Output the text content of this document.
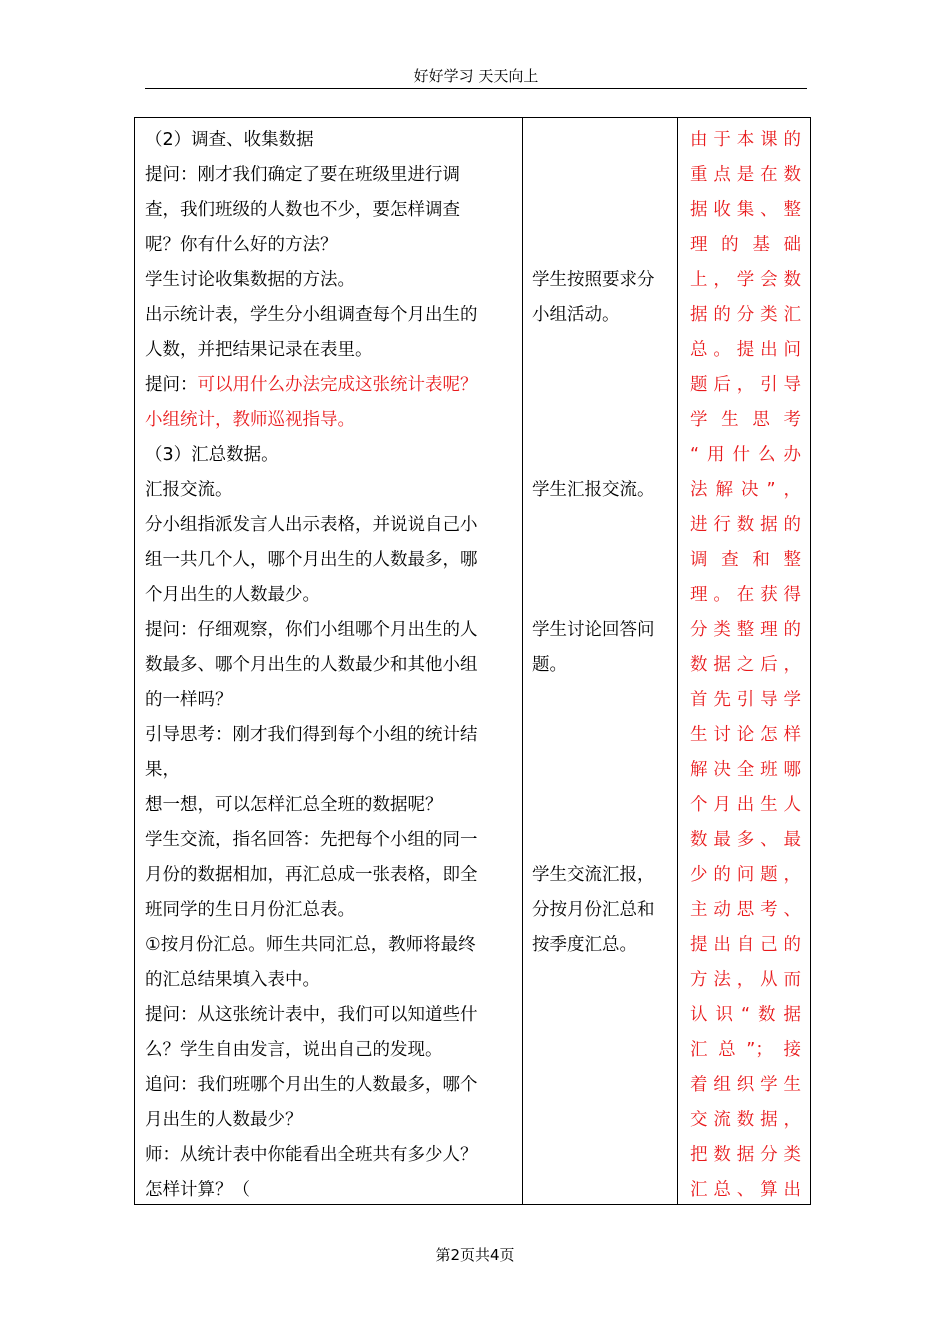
好好学习 天天向上
（2）调查、收集数据
提问：刚才我们确定了要在班级里进行调
查，我们班级的人数也不少，要怎样调查
呢？你有什么好的方法？
学生讨论收集数据的方法。
出示统计表，学生分小组调查每个月出生的
人数，并把结果记录在表里。
提问：可以用什么办法完成这张统计表呢？
小组统计，教师巡视指导。
（3）汇总数据。
汇报交流。
分小组指派发言人出示表格，并说说自己小
组一共几个人，哪个月出生的人数最多，哪
个月出生的人数最少。
提问：仔细观察，你们小组哪个月出生的人
数最多、哪个月出生的人数最少和其他小组
的一样吗？
引导思考：刚才我们得到每个小组的统计结
果，
想一想，可以怎样汇总全班的数据呢？
学生交流，指名回答：先把每个小组的同一
月份的数据相加，再汇总成一张表格，即全
班同学的生日月份汇总表。
①按月份汇总。师生共同汇总，教师将最终
的汇总结果填入表中。
提问：从这张统计表中，我们可以知道些什
么？学生自由发言，说出自己的发现。
追问：我们班哪个月出生的人数最多，哪个
月出生的人数最少？
师：从统计表中你能看出全班共有多少人？
怎样计算？（
学生按照要求分
小组活动。
学生汇报交流。
学生讨论回答问
题。
学生交流汇报，
分按月份汇总和
按季度汇总。
由于本课的
重点是在数
据收集、整
理的基础
上，学会数
据的分类汇
总。提出问
题后，引导
学生思考
“用什么办
法解决”，
进行数据的
调查和整
理。在获得
分类整理的
数据之后，
首先引导学
生讨论怎样
解决全班哪
个月出生人
数最多、最
少的问题，
主动思考、
提出自己的
方法，从而
认识“数据
汇总”；接
着组织学生
交流数据，
把数据分类
汇总、算出
第2页共4页
